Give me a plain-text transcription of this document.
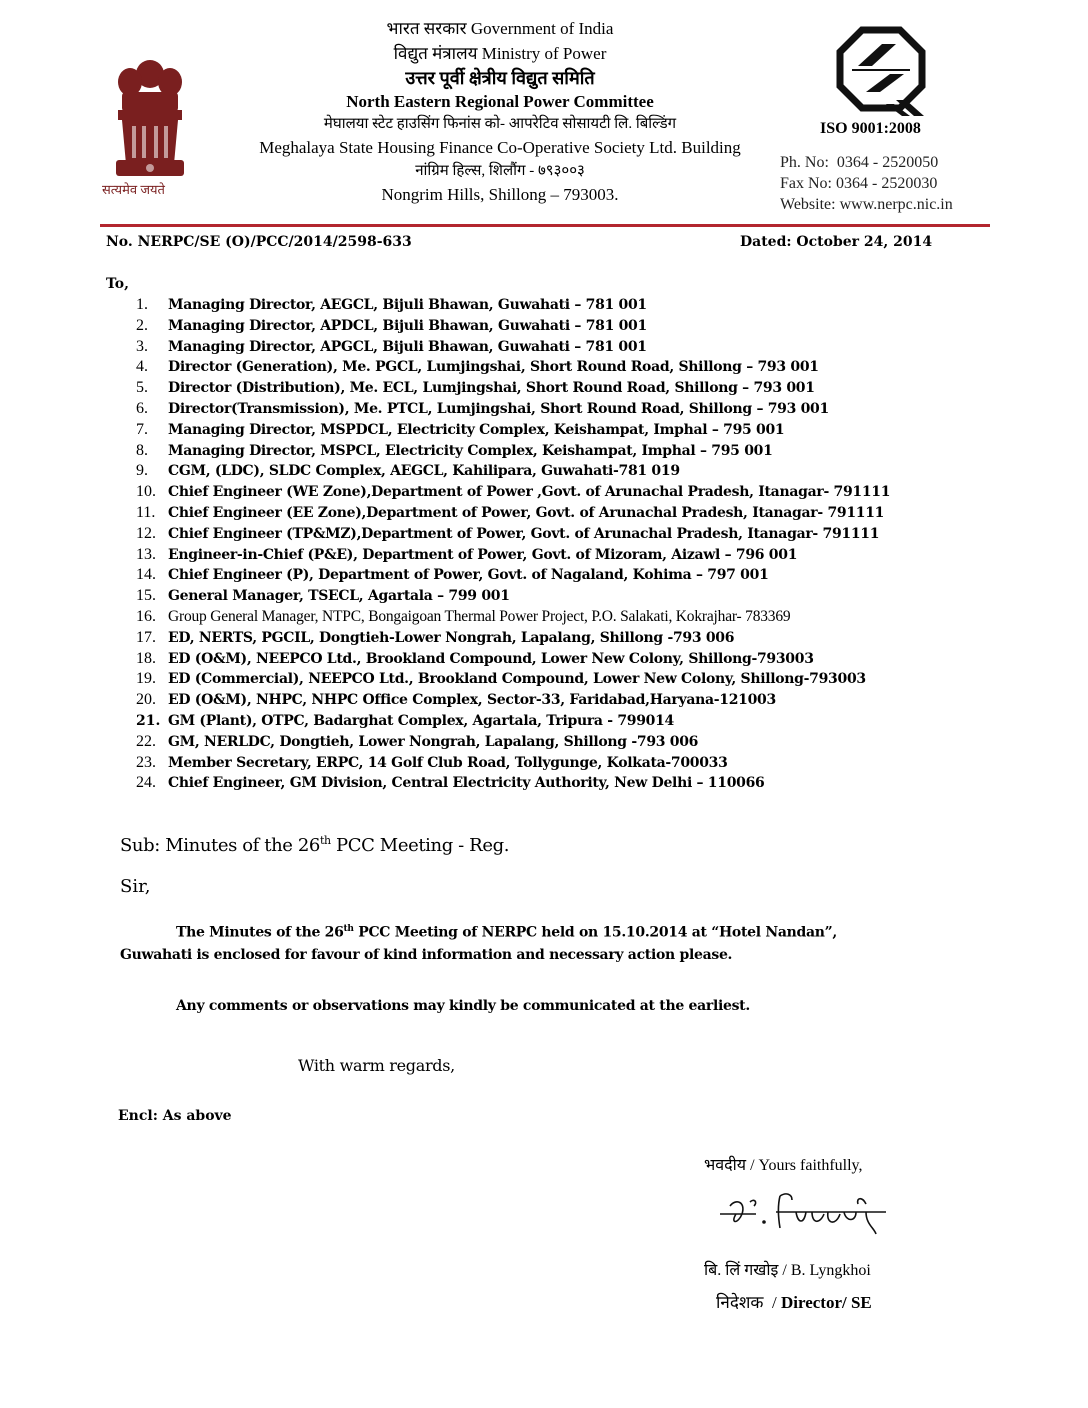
सत्यमेव जयते
भारत सरकार Government of India
विद्युत मंत्रालय Ministry of Power
उत्तर पूर्वी क्षेत्रीय विद्युत समिति
North Eastern Regional Power Committee
मेघालया स्टेट हाउसिंग फिनांस को- आपरेटिव सोसायटी लि. बिल्डिंग
Meghalaya State Housing Finance Co-Operative Society Ltd. Building
नांग्रिम हिल्स, शिलौंग - ७९३००३
Nongrim Hills, Shillong – 793003.
ISO 9001:2008
Ph. No:  0364 - 2520050
Fax No: 0364 - 2520030
Website: www.nerpc.nic.in
No. NERPC/SE (O)/PCC/2014/2598-633	Dated: October 24, 2014
To,
1.	Managing Director, AEGCL, Bijuli Bhawan, Guwahati – 781 001
2.	Managing Director, APDCL, Bijuli Bhawan, Guwahati – 781 001
3.	Managing Director, APGCL, Bijuli Bhawan, Guwahati – 781 001
4.	Director (Generation), Me. PGCL, Lumjingshai, Short Round Road, Shillong – 793 001
5.	Director (Distribution), Me. ECL, Lumjingshai, Short Round Road, Shillong – 793 001
6.	Director(Transmission), Me. PTCL, Lumjingshai, Short Round Road, Shillong – 793 001
7.	Managing Director, MSPDCL, Electricity Complex, Keishampat, Imphal – 795 001
8.	Managing Director, MSPCL, Electricity Complex, Keishampat, Imphal – 795 001
9.	CGM, (LDC), SLDC Complex, AEGCL, Kahilipara, Guwahati-781 019
10. Chief Engineer (WE Zone),Department of Power ,Govt. of Arunachal Pradesh, Itanagar- 791111
11. Chief Engineer (EE Zone),Department of Power, Govt. of Arunachal Pradesh, Itanagar- 791111
12. Chief Engineer (TP&MZ),Department of Power, Govt. of Arunachal Pradesh, Itanagar- 791111
13. Engineer-in-Chief (P&E), Department of Power, Govt. of Mizoram, Aizawl – 796 001
14. Chief Engineer (P), Department of Power, Govt. of Nagaland, Kohima – 797 001
15. General Manager, TSECL, Agartala – 799 001
16. Group General Manager, NTPC, Bongaigoan Thermal Power Project, P.O. Salakati, Kokrajhar- 783369
17. ED, NERTS, PGCIL, Dongtieh-Lower Nongrah, Lapalang, Shillong -793 006
18. ED (O&M), NEEPCO Ltd., Brookland Compound, Lower New Colony, Shillong-793003
19. ED (Commercial), NEEPCO Ltd., Brookland Compound, Lower New Colony, Shillong-793003
20. ED (O&M), NHPC, NHPC Office Complex, Sector-33, Faridabad,Haryana-121003
21. GM (Plant), OTPC, Badarghat Complex, Agartala, Tripura - 799014
22. GM, NERLDC, Dongtieh, Lower Nongrah, Lapalang, Shillong -793 006
23. Member Secretary, ERPC, 14 Golf Club Road, Tollygunge, Kolkata-700033
24. Chief Engineer, GM Division, Central Electricity Authority, New Delhi – 110066
Sub: Minutes of the 26th PCC Meeting - Reg.
Sir,
The Minutes of the 26th PCC Meeting of NERPC held on 15.10.2014 at “Hotel Nandan”,
Guwahati is enclosed for favour of kind information and necessary action please.
Any comments or observations may kindly be communicated at the earliest.
With warm regards,
Encl: As above
भवदीय / Yours faithfully,
बि. लिं गखोइ / B. Lyngkhoi
निदेशक  / Director/ SE
